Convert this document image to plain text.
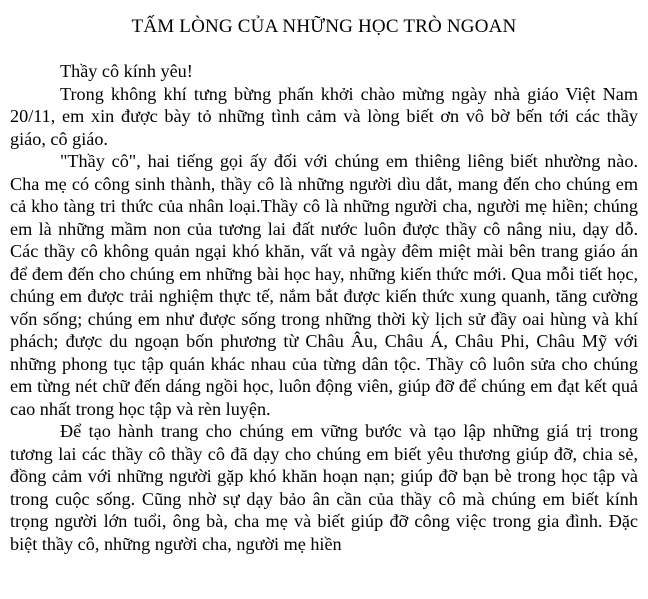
TẤM LÒNG CỦA NHỮNG HỌC TRÒ NGOAN

Thầy cô kính yêu!

Trong không khí tưng bừng phấn khởi chào mừng ngày nhà giáo Việt Nam 20/11, em xin được bày tỏ những tình cảm và lòng biết ơn vô bờ bến tới các thầy giáo, cô giáo.

"Thầy cô", hai tiếng gọi ấy đối với chúng em thiêng liêng biết nhường nào. Cha mẹ có công sinh thành, thầy cô là những người dìu dắt, mang đến cho chúng em cả kho tàng tri thức của nhân loại.Thầy cô là những người cha, người mẹ hiền; chúng em là những mầm non của tương lai đất nước luôn được thầy cô nâng niu, dạy dỗ. Các thầy cô không quản ngại khó khăn, vất vả ngày đêm miệt mài bên trang giáo án để đem đến cho chúng em những bài học hay, những kiến thức mới. Qua mỗi tiết học, chúng em được trải nghiệm thực tế, nắm bắt được kiến thức xung quanh, tăng cường vốn sống; chúng em như được sống trong những thời kỳ lịch sử đầy oai hùng và khí phách; được du ngoạn bốn phương từ Châu Âu, Châu Á, Châu Phi, Châu Mỹ với những phong tục tập quán khác nhau của từng dân tộc. Thầy cô luôn sửa cho chúng em từng nét chữ đến dáng ngồi học, luôn động viên, giúp đỡ để chúng em đạt kết quả cao nhất trong học tập và rèn luyện.

Để tạo hành trang cho chúng em vững bước và tạo lập những giá trị trong tương lai các thầy cô thầy cô đã dạy cho chúng em biết yêu thương giúp đỡ, chia sẻ, đồng cảm với những người gặp khó khăn hoạn nạn; giúp đỡ bạn bè trong học tập và trong cuộc sống. Cũng nhờ sự dạy bảo ân cần của thầy cô mà chúng em biết kính trọng người lớn tuổi, ông bà, cha mẹ và biết giúp đỡ công việc trong gia đình. Đặc biệt thầy cô, những người cha, người mẹ hiền
